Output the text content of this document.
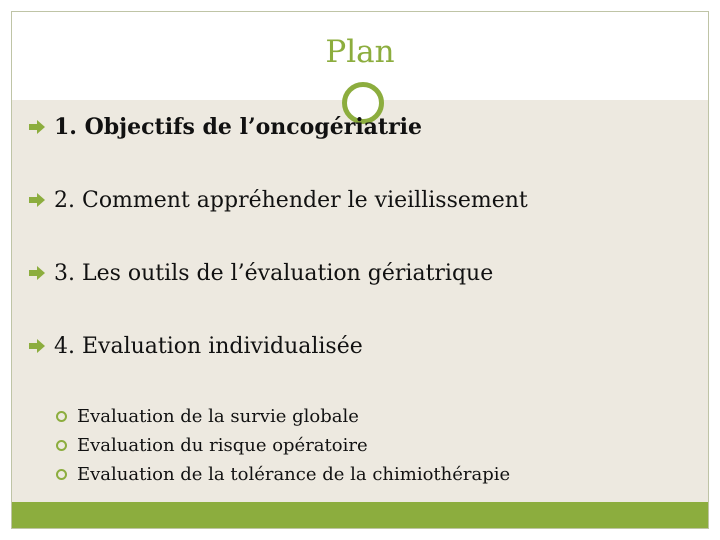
Plan
1. Objectifs de l’oncogériatrie
2. Comment appréhender le vieillissement
3. Les outils de l’évaluation gériatrique
4. Evaluation individualisée
Evaluation de la survie globale
Evaluation du risque opératoire
Evaluation de la tolérance de la chimiothérapie
